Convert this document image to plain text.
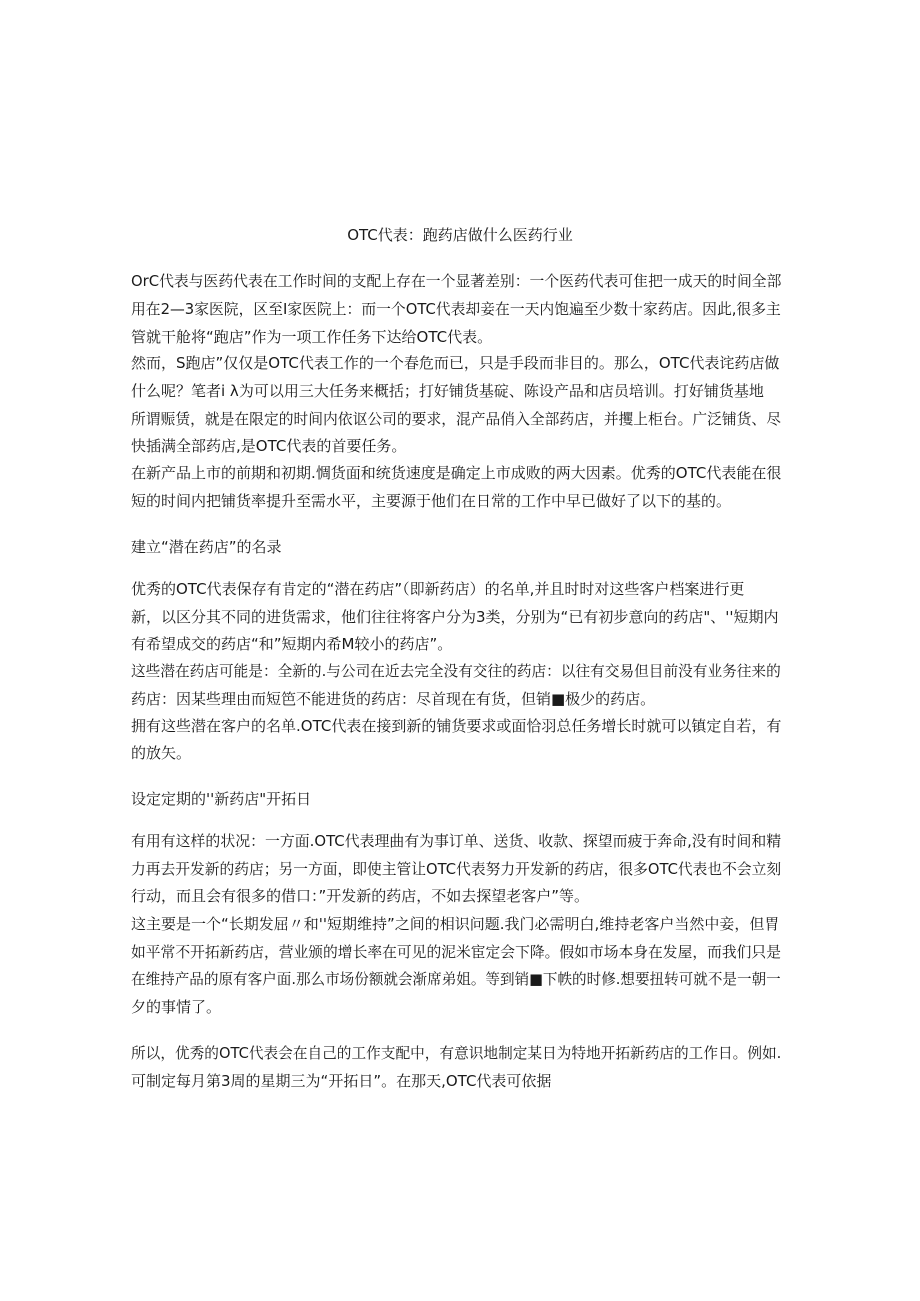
OTC代表：跑药店做什么医药行业
OrC代表与医药代表在工作时间的支配上存在一个显著差别：一个医药代表可隹把一成天的时间全部
用在2—3家医院，区至I家医院上：而一个OTC代表却妾在一天内饱遍至少数十家药店。因此,很多主
管就干舱将“跑店”作为一项工作任务下达给OTC代表。
然而，S跑店”仅仅是OTC代表工作的一个春危而已，只是手段而非目的。那么，OTC代表诧药店做
什么呢？笔者i λ为可以用三大任务来概括；打好铺货基碇、陈设产品和店员培训。打好铺货基地
所谓赈赁，就是在限定的时间内依讴公司的要求，混产品俏入全部药店，并攫上柜台。广泛铺货、尽
快插满全部药店,是OTC代表的首要任务。
在新产品上市的前期和初期.惆货面和统货速度是确定上市成败的两大因素。优秀的OTC代表能在很
短的时间内把铺货率提升至需水平，主要源于他们在日常的工作中早已做好了以下的基的。
建立“潜在药店”的名录
优秀的OTC代表保存有肯定的“潜在药店”（即新药店）的名单,并且时时对这些客户档案进行更
新，以区分其不同的进货需求，他们往往将客户分为3类，分别为“已有初步意向的药店"、''短期内
有希望成交的药店“和”短期内希M较小的药店”。
这些潜在药店可能是：全新的.与公司在近去完全没有交往的药店：以往有交易但目前没有业务往来的
药店：因某些理由而短笆不能进货的药店：尽首现在有货，但销■极少的药店。
拥有这些潜在客户的名单.OTC代表在接到新的铺货要求或面恰羽总任务增长时就可以镇定自若，有
的放矢。
设定定期的''新药店"开拓日
有用有这样的状况：一方面.OTC代表理曲有为事订单、送货、收款、探望而疲于奔命,没有时间和精
力再去开发新的药店；另一方面，即使主管让OTC代表努力开发新的药店，很多OTC代表也不会立刻
行动，而且会有很多的借口：”开发新的药店，不如去探望老客户”等。
这主要是一个“长期发屈〃和''短期维持”之间的相识问题.我门必需明白,维持老客户当然中妾，但胃
如平常不开拓新药店，营业颁的增长率在可见的泥米宦定会下降。假如市场本身在发屋，而我们只是
在维持产品的原有客户面.那么市场份额就会渐席弟姐。等到销■下帙的时修.想要扭转可就不是一朝一
夕的事情了。
所以，优秀的OTC代表会在自己的工作支配中，有意识地制定某日为特地开拓新药店的工作日。例如.
可制定每月第3周的星期三为“开拓日”。在那天,OTC代表可依据
